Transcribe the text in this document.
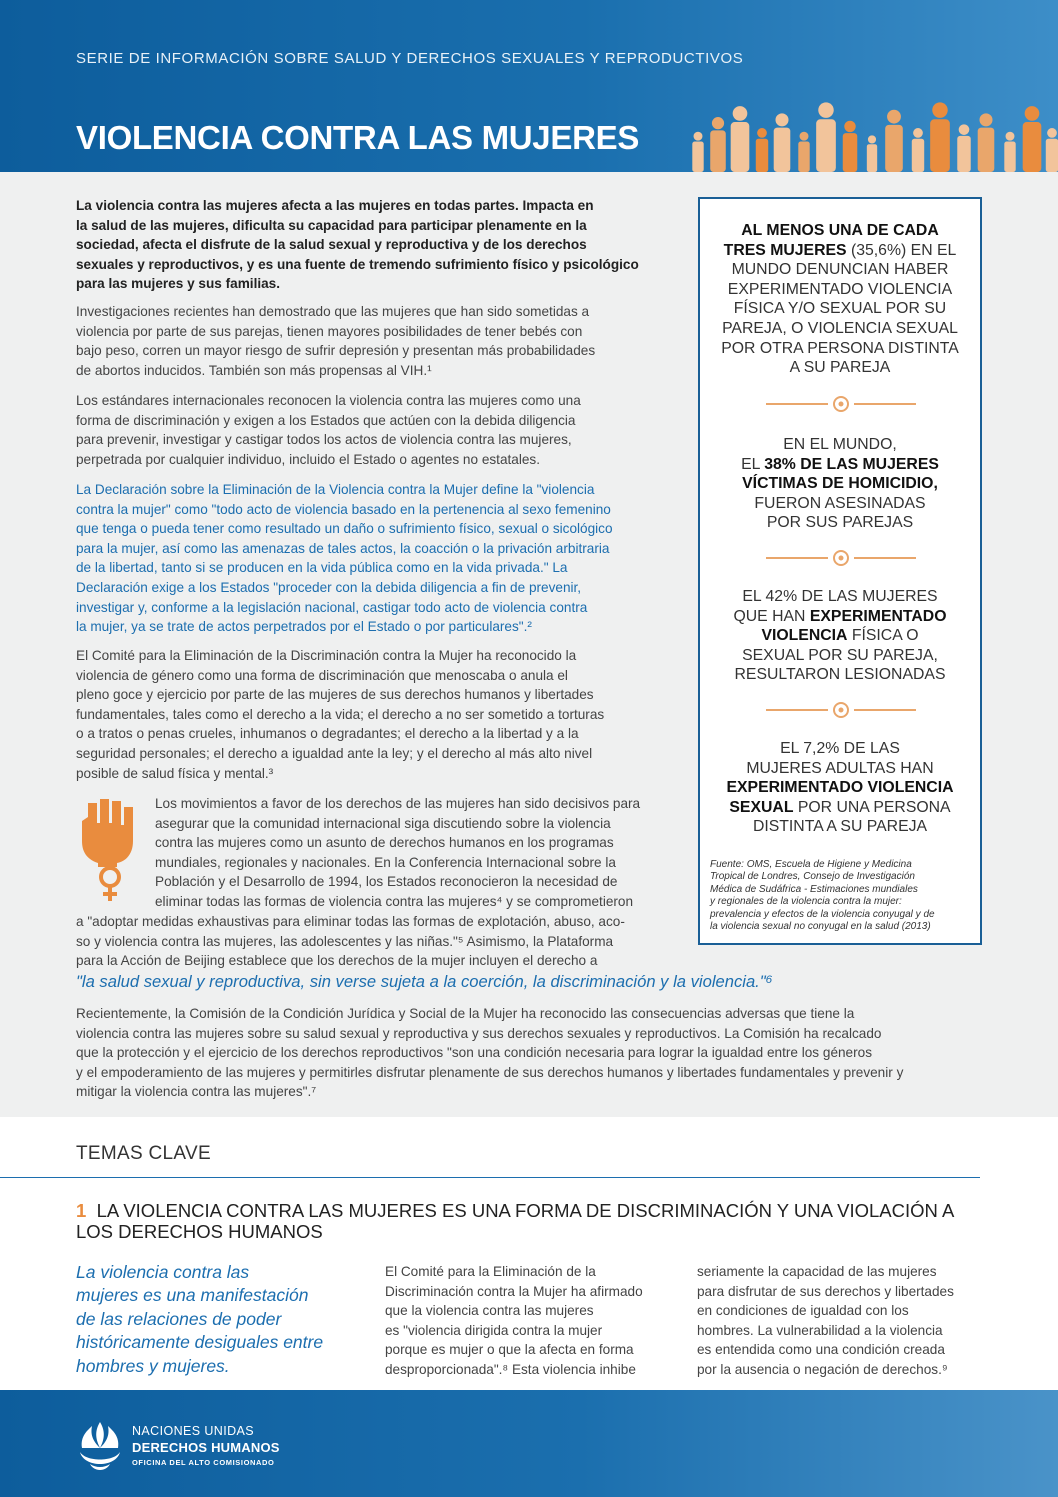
SERIE DE INFORMACIÓN SOBRE SALUD Y DERECHOS SEXUALES Y REPRODUCTIVOS
VIOLENCIA CONTRA LAS MUJERES
La violencia contra las mujeres afecta a las mujeres en todas partes. Impacta en
la salud de las mujeres, dificulta su capacidad para participar plenamente en la
sociedad, afecta el disfrute de la salud sexual y reproductiva y de los derechos
sexuales y reproductivos, y es una fuente de tremendo sufrimiento físico y psicológico
para las mujeres y sus familias.
Investigaciones recientes han demostrado que las mujeres que han sido sometidas a
violencia por parte de sus parejas, tienen mayores posibilidades de tener bebés con
bajo peso, corren un mayor riesgo de sufrir depresión y presentan más probabilidades
de abortos inducidos. También son más propensas al VIH.¹
Los estándares internacionales reconocen la violencia contra las mujeres como una
forma de discriminación y exigen a los Estados que actúen con la debida diligencia
para prevenir, investigar y castigar todos los actos de violencia contra las mujeres,
perpetrada por cualquier individuo, incluido el Estado o agentes no estatales.
La Declaración sobre la Eliminación de la Violencia contra la Mujer define la "violencia
contra la mujer" como "todo acto de violencia basado en la pertenencia al sexo femenino
que tenga o pueda tener como resultado un daño o sufrimiento físico, sexual o sicológico
para la mujer, así como las amenazas de tales actos, la coacción o la privación arbitraria
de la libertad, tanto si se producen en la vida pública como en la vida privada." La
Declaración exige a los Estados "proceder con la debida diligencia a fin de prevenir,
investigar y, conforme a la legislación nacional, castigar todo acto de violencia contra
la mujer, ya se trate de actos perpetrados por el Estado o por particulares".²
El Comité para la Eliminación de la Discriminación contra la Mujer ha reconocido la
violencia de género como una forma de discriminación que menoscaba o anula el
pleno goce y ejercicio por parte de las mujeres de sus derechos humanos y libertades
fundamentales, tales como el derecho a la vida; el derecho a no ser sometido a torturas
o a tratos o penas crueles, inhumanos o degradantes; el derecho a la libertad y a la
seguridad personales; el derecho a igualdad ante la ley; y el derecho al más alto nivel
posible de salud física y mental.³
Los movimientos a favor de los derechos de las mujeres han sido decisivos para
asegurar que la comunidad internacional siga discutiendo sobre la violencia
contra las mujeres como un asunto de derechos humanos en los programas
mundiales, regionales y nacionales. En la Conferencia Internacional sobre la
Población y el Desarrollo de 1994, los Estados reconocieron la necesidad de
eliminar todas las formas de violencia contra las mujeres⁴ y se comprometieron
a "adoptar medidas exhaustivas para eliminar todas las formas de explotación, abuso, aco-
so y violencia contra las mujeres, las adolescentes y las niñas."⁵ Asimismo, la Plataforma
para la Acción de Beijing establece que los derechos de la mujer incluyen el derecho a
"la salud sexual y reproductiva, sin verse sujeta a la coerción, la discriminación y la violencia."⁶
Recientemente, la Comisión de la Condición Jurídica y Social de la Mujer ha reconocido las consecuencias adversas que tiene la
violencia contra las mujeres sobre su salud sexual y reproductiva y sus derechos sexuales y reproductivos. La Comisión ha recalcado
que la protección y el ejercicio de los derechos reproductivos "son una condición necesaria para lograr la igualdad entre los géneros
y el empoderamiento de las mujeres y permitirles disfrutar plenamente de sus derechos humanos y libertades fundamentales y prevenir y
mitigar la violencia contra las mujeres".⁷
AL MENOS UNA DE CADA
TRES MUJERES (35,6%) EN EL
MUNDO DENUNCIAN HABER
EXPERIMENTADO VIOLENCIA
FÍSICA Y/O SEXUAL POR SU
PAREJA, O VIOLENCIA SEXUAL
POR OTRA PERSONA DISTINTA
A SU PAREJA
EN EL MUNDO,
EL 38% DE LAS MUJERES
VÍCTIMAS DE HOMICIDIO,
FUERON ASESINADAS
POR SUS PAREJAS
EL 42% DE LAS MUJERES
QUE HAN EXPERIMENTADO
VIOLENCIA FÍSICA O
SEXUAL POR SU PAREJA,
RESULTARON LESIONADAS
EL 7,2% DE LAS
MUJERES ADULTAS HAN
EXPERIMENTADO VIOLENCIA
SEXUAL POR UNA PERSONA
DISTINTA A SU PAREJA
Fuente: OMS, Escuela de Higiene y Medicina
Tropical de Londres, Consejo de Investigación
Médica de Sudáfrica - Estimaciones mundiales
y regionales de la violencia contra la mujer:
prevalencia y efectos de la violencia conyugal y de
la violencia sexual no conyugal en la salud (2013)
TEMAS CLAVE
1 LA VIOLENCIA CONTRA LAS MUJERES ES UNA FORMA DE DISCRIMINACIÓN Y UNA VIOLACIÓN A
LOS DERECHOS HUMANOS
La violencia contra las
mujeres es una manifestación
de las relaciones de poder
históricamente desiguales entre
hombres y mujeres.
El Comité para la Eliminación de la
Discriminación contra la Mujer ha afirmado
que la violencia contra las mujeres
es "violencia dirigida contra la mujer
porque es mujer o que la afecta en forma
desproporcionada".⁸ Esta violencia inhibe
seriamente la capacidad de las mujeres
para disfrutar de sus derechos y libertades
en condiciones de igualdad con los
hombres. La vulnerabilidad a la violencia
es entendida como una condición creada
por la ausencia o negación de derechos.⁹
NACIONES UNIDAS
DERECHOS HUMANOS
OFICINA DEL ALTO COMISIONADO
